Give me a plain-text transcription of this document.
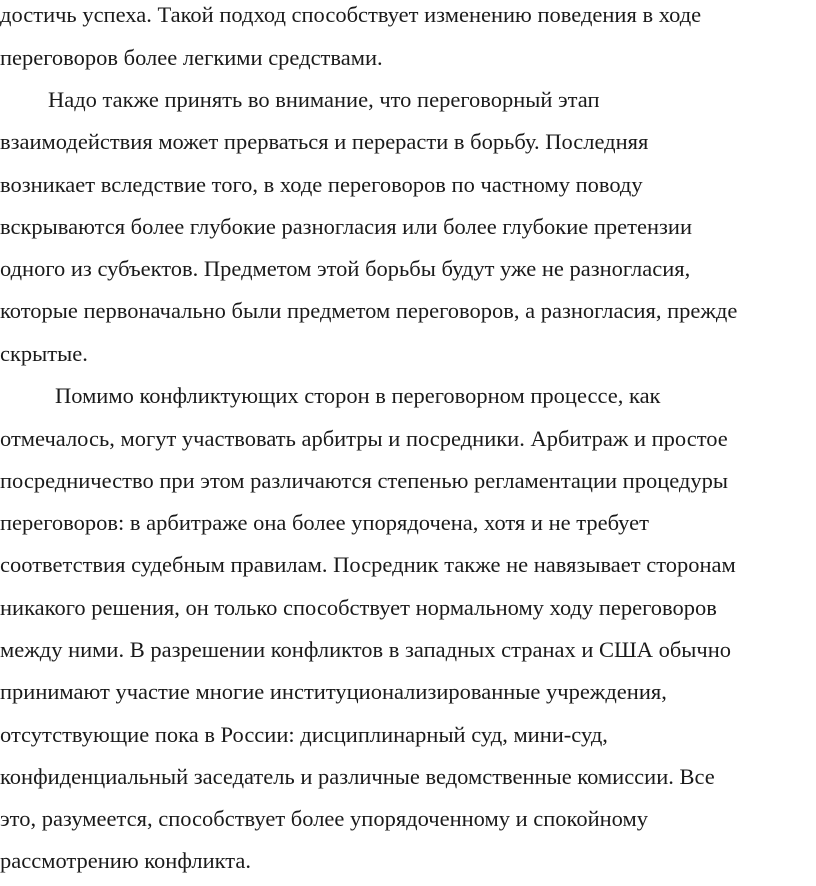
достичь успеха. Такой подход способствует изменению поведения в ходе
переговоров более легкими средствами.
Надо также принять во внимание, что переговорный этап
взаимодействия может прерваться и перерасти в борьбу. Последняя
возникает вследствие того, в ходе переговоров по частному поводу
вскрываются более глубокие разногласия или более глубокие претензии
одного из субъектов. Предметом этой борьбы будут уже не разногласия,
которые первоначально были предметом переговоров, а разногласия, прежде
скрытые.
Помимо конфликтующих сторон в переговорном процессе, как
отмечалось, могут участвовать арбитры и посредники. Арбитраж и простое
посредничество при этом различаются степенью регламентации процедуры
переговоров: в арбитраже она более упорядочена, хотя и не требует
соответствия судебным правилам. Посредник также не навязывает сторонам
никакого решения, он только способствует нормальному ходу переговоров
между ними. В разрешении конфликтов в западных странах и США обычно
принимают участие многие институционализированные учреждения,
отсутствующие пока в России: дисциплинарный суд, мини-суд,
конфиденциальный заседатель и различные ведомственные комиссии. Все
это, разумеется, способствует более упорядоченному и спокойному
рассмотрению конфликта.
